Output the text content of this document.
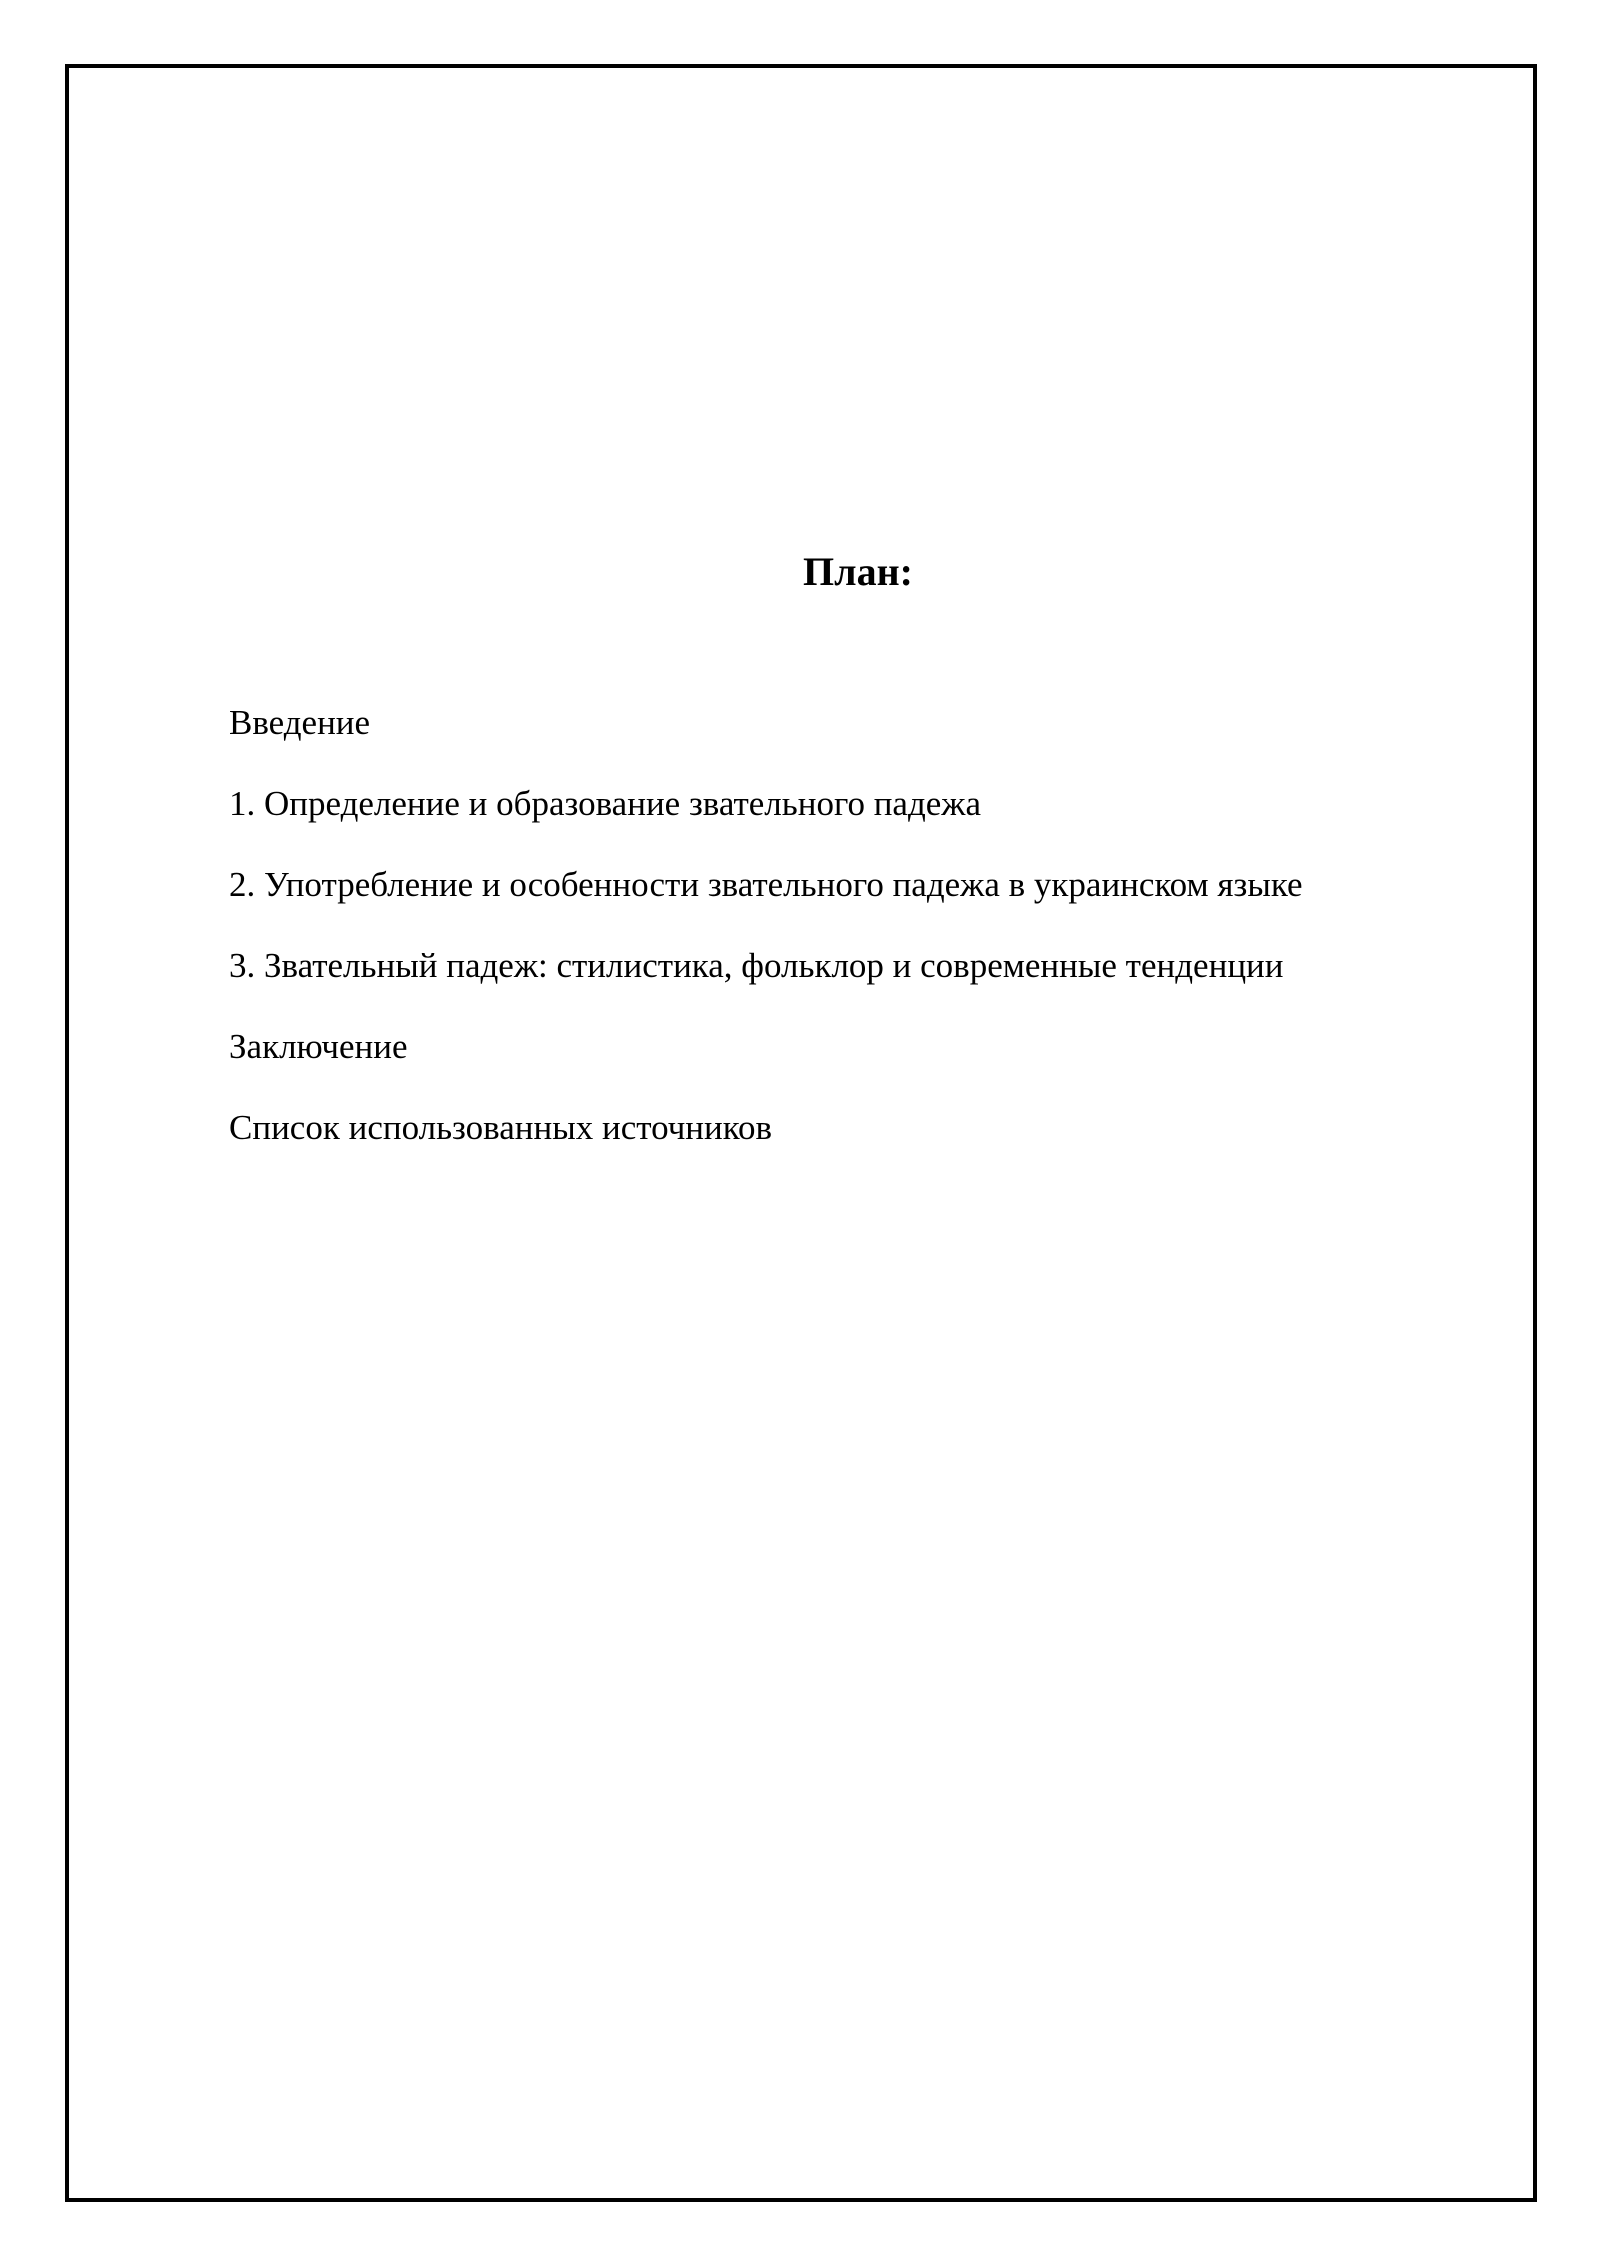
План:
Введение
1. Определение и образование звательного падежа
2. Употребление и особенности звательного падежа в украинском языке
3. Звательный падеж: стилистика, фольклор и современные тенденции
Заключение
Список использованных источников
